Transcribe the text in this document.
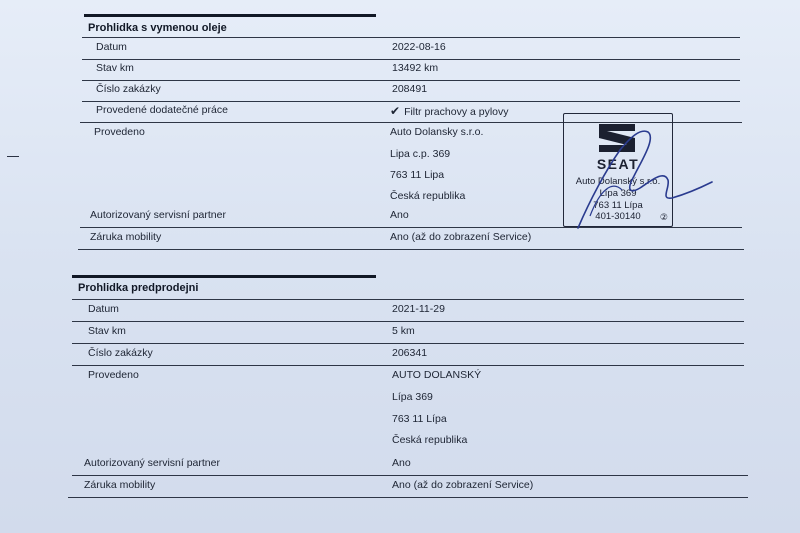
Prohlidka s vymenou oleje
Datum	2022-08-16
Stav km	13492 km
Číslo zakázky	208491
Provedené dodatečné práce	✔ Filtr prachovy a pylovy
Provedeno	Auto Dolansky s.r.o.
Lipa c.p. 369
763 11 Lipa
Česká republika
Autorizovaný servisní partner	Ano
Záruka mobility	Ano (až do zobrazení Service)
SEAT
Auto Dolanský s.r.o.
Lípa 369
763 11 Lípa
401-30140	②
Prohlidka predprodejni
Datum	2021-11-29
Stav km	5 km
Číslo zakázky	206341
Provedeno	AUTO DOLANSKÝ
Lípa 369
763 11 Lípa
Česká republika
Autorizovaný servisní partner	Ano
Záruka mobility	Ano (až do zobrazení Service)
